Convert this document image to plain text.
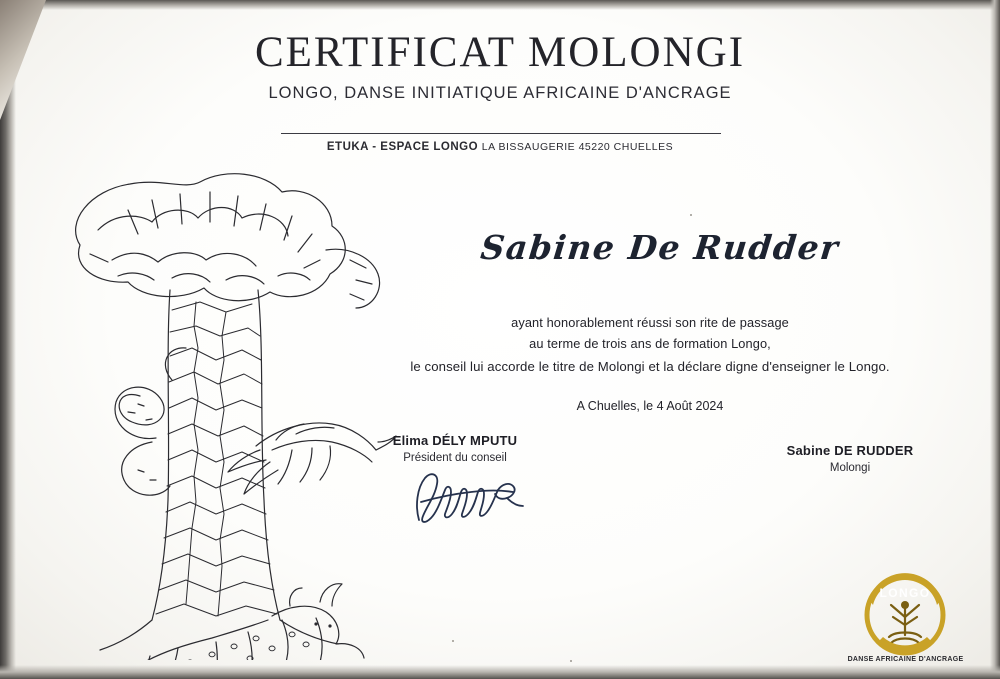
CERTIFICAT MOLONGI
LONGO, DANSE INITIATIQUE AFRICAINE D'ANCRAGE
ETUKA - ESPACE LONGO LA BISSAUGERIE 45220 CHUELLES
Sabine De Rudder
ayant honorablement réussi son rite de passage
au terme de trois ans de formation Longo,
le conseil lui accorde le titre de Molongi et la déclare digne d'enseigner le Longo.
A Chuelles, le 4 Août 2024
Elima DÉLY MPUTU
Président du conseil	Sabine DE RUDDER
Molongi
LONGO
DANSE AFRICAINE D'ANCRAGE
